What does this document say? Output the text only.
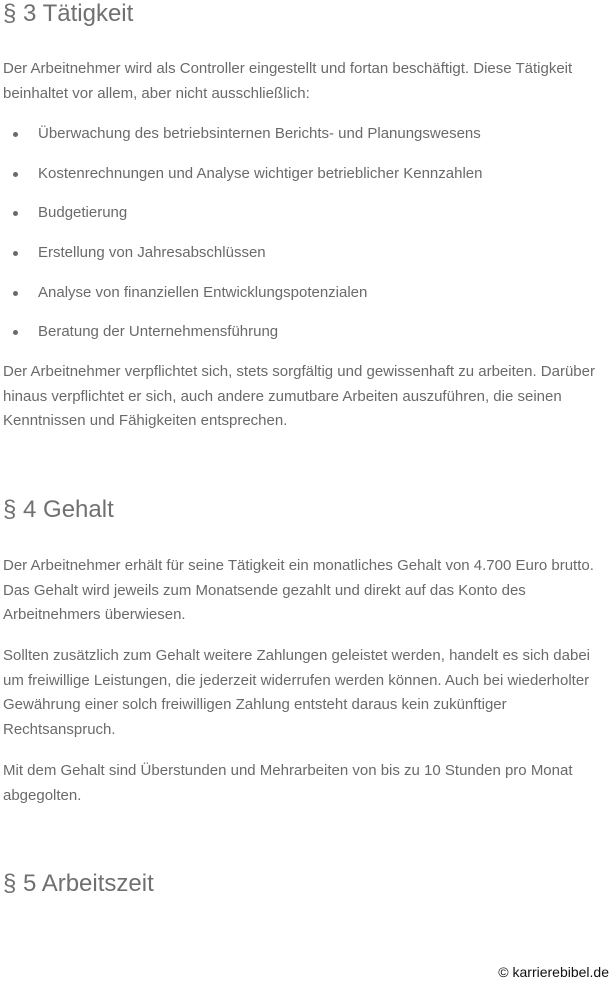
§ 3 Tätigkeit

Der Arbeitnehmer wird als Controller eingestellt und fortan beschäftigt. Diese Tätigkeit beinhaltet vor allem, aber nicht ausschließlich:

Überwachung des betriebsinternen Berichts- und Planungswesens
Kostenrechnungen und Analyse wichtiger betrieblicher Kennzahlen
Budgetierung
Erstellung von Jahresabschlüssen
Analyse von finanziellen Entwicklungspotenzialen
Beratung der Unternehmensführung

Der Arbeitnehmer verpflichtet sich, stets sorgfältig und gewissenhaft zu arbeiten. Darüber hinaus verpflichtet er sich, auch andere zumutbare Arbeiten auszuführen, die seinen Kenntnissen und Fähigkeiten entsprechen.

§ 4 Gehalt

Der Arbeitnehmer erhält für seine Tätigkeit ein monatliches Gehalt von 4.700 Euro brutto. Das Gehalt wird jeweils zum Monatsende gezahlt und direkt auf das Konto des Arbeitnehmers überwiesen.

Sollten zusätzlich zum Gehalt weitere Zahlungen geleistet werden, handelt es sich dabei um freiwillige Leistungen, die jederzeit widerrufen werden können. Auch bei wiederholter Gewährung einer solch freiwilligen Zahlung entsteht daraus kein zukünftiger Rechtsanspruch.

Mit dem Gehalt sind Überstunden und Mehrarbeiten von bis zu 10 Stunden pro Monat abgegolten.

§ 5 Arbeitszeit
© karrierebibel.de
